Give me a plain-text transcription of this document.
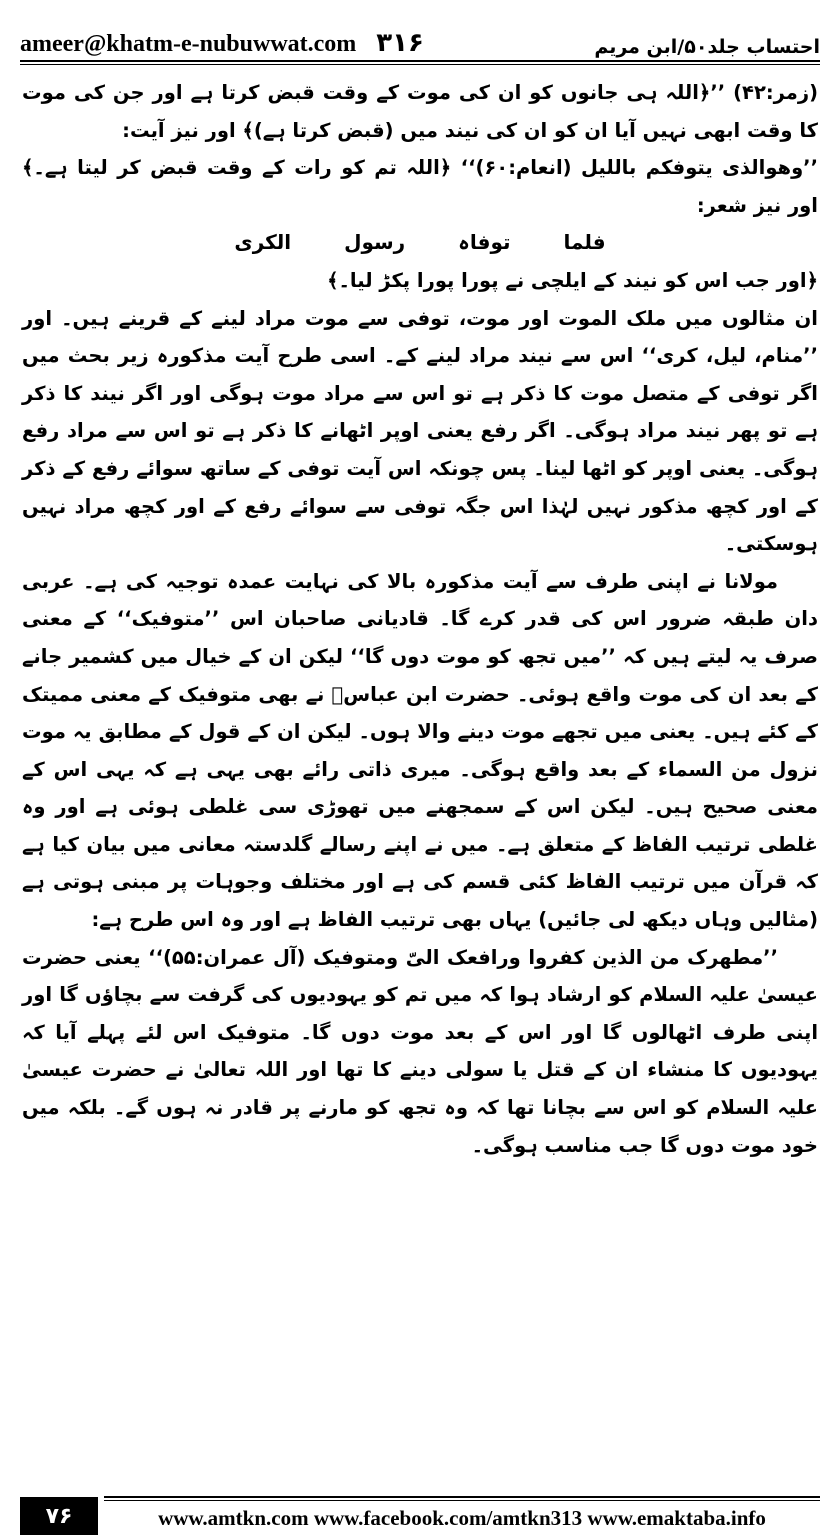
ameer@khatm-e-nubuwwat.com ۳۱۶	احتساب جلد۵۰/ابن مریم

(زمر:۴۲) ’’﴿اللہ ہی جانوں کو ان کی موت کے وقت قبض کرتا ہے اور جن کی موت کا وقت ابھی نہیں آیا ان کو ان کی نیند میں (قبض کرتا ہے)﴾ اور نیز آیت:

’’وھوالذی یتوفکم باللیل (انعام:۶۰)‘‘ ﴿اللہ تم کو رات کے وقت قبض کر لیتا ہے۔﴾ اور نیز شعر:

فلما توفاہ رسول الکری

﴿اور جب اس کو نیند کے ایلچی نے پورا پورا پکڑ لیا۔﴾

ان مثالوں میں ملک الموت اور موت، توفی سے موت مراد لینے کے قرینے ہیں۔ اور ’’منام، لیل، کری‘‘ اس سے نیند مراد لینے کے۔ اسی طرح آیت مذکورہ زیر بحث میں اگر توفی کے متصل موت کا ذکر ہے تو اس سے مراد موت ہوگی اور اگر نیند کا ذکر ہے تو پھر نیند مراد ہوگی۔ اگر رفع یعنی اوپر اٹھانے کا ذکر ہے تو اس سے مراد رفع ہوگی۔ یعنی اوپر کو اٹھا لینا۔ پس چونکہ اس آیت توفی کے ساتھ سوائے رفع کے ذکر کے اور کچھ مذکور نہیں لہٰذا اس جگہ توفی سے سوائے رفع کے اور کچھ مراد نہیں ہوسکتی۔

مولانا نے اپنی طرف سے آیت مذکورہ بالا کی نہایت عمدہ توجیہ کی ہے۔ عربی دان طبقہ ضرور اس کی قدر کرے گا۔ قادیانی صاحبان اس ’’متوفیک‘‘ کے معنی صرف یہ لیتے ہیں کہ ’’میں تجھ کو موت دوں گا‘‘ لیکن ان کے خیال میں کشمیر جانے کے بعد ان کی موت واقع ہوئی۔ حضرت ابن عباسؓ نے بھی متوفیک کے معنی ممیتک کے کئے ہیں۔ یعنی میں تجھے موت دینے والا ہوں۔ لیکن ان کے قول کے مطابق یہ موت نزول من السماء کے بعد واقع ہوگی۔ میری ذاتی رائے بھی یہی ہے کہ یہی اس کے معنی صحیح ہیں۔ لیکن اس کے سمجھنے میں تھوڑی سی غلطی ہوئی ہے اور وہ غلطی ترتیب الفاظ کے متعلق ہے۔ میں نے اپنے رسالے گلدستہ معانی میں بیان کیا ہے کہ قرآن میں ترتیب الفاظ کئی قسم کی ہے اور مختلف وجوہات پر مبنی ہوتی ہے (مثالیں وہاں دیکھ لی جائیں) یہاں بھی ترتیب الفاظ ہے اور وہ اس طرح ہے:

’’مطھرک من الذین کفروا ورافعک الیّ ومتوفیک (آل عمران:۵۵)‘‘ یعنی حضرت عیسیٰ علیہ السلام کو ارشاد ہوا کہ میں تم کو یہودیوں کی گرفت سے بچاؤں گا اور اپنی طرف اٹھالوں گا اور اس کے بعد موت دوں گا۔ متوفیک اس لئے پہلے آیا کہ یہودیوں کا منشاء ان کے قتل یا سولی دینے کا تھا اور اللہ تعالیٰ نے حضرت عیسیٰ علیہ السلام کو اس سے بچانا تھا کہ وہ تجھ کو مارنے پر قادر نہ ہوں گے۔ بلکہ میں خود موت دوں گا جب مناسب ہوگی۔

۷۶	www.amtkn.com www.facebook.com/amtkn313 www.emaktaba.info
